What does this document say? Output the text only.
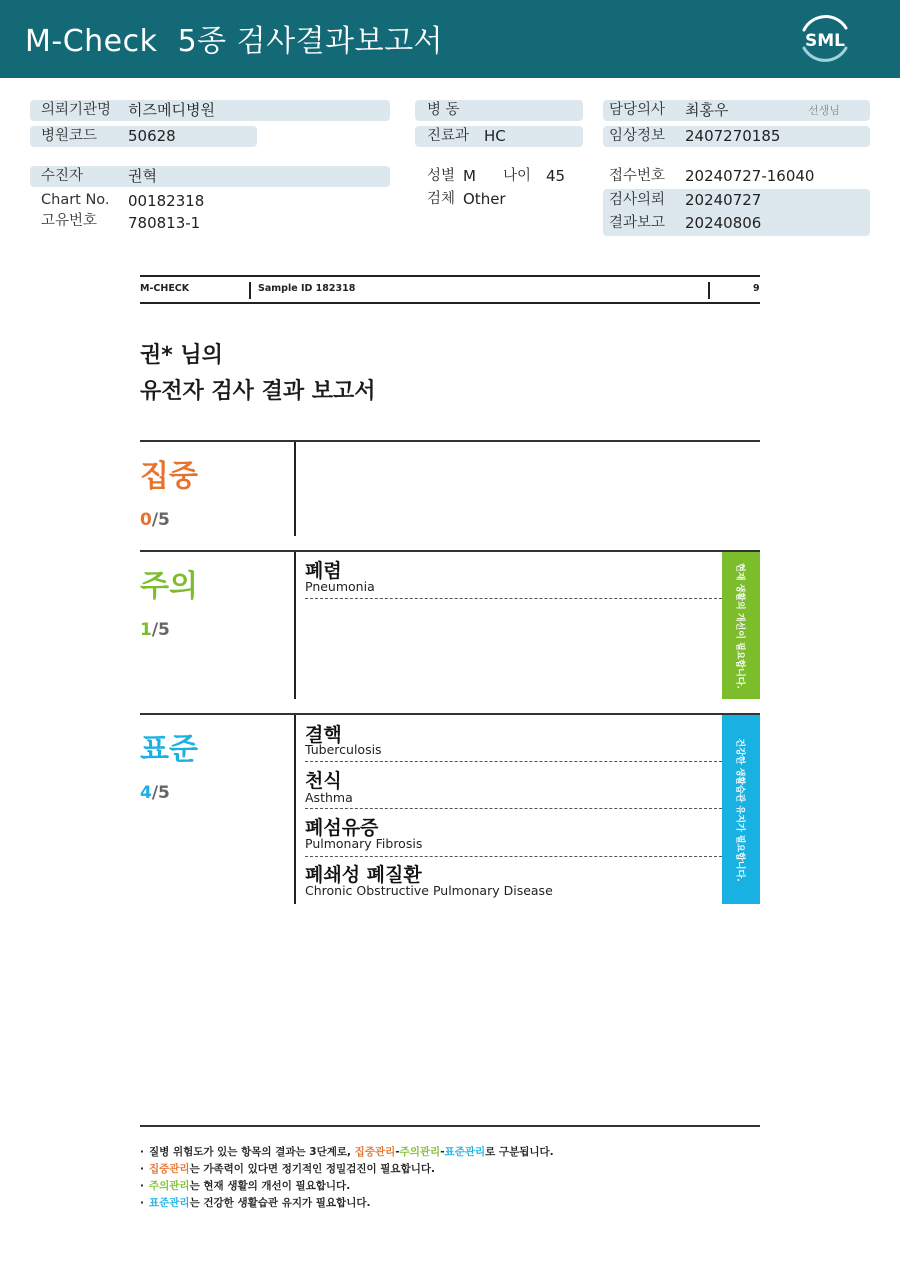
M-Check  5종 검사결과보고서	SML
의뢰기관명 히즈메디병원
병원코드 50628
수진자	권혁
Chart No. 00182318
고유번호 780813-1
병 동
진료과 HC
성별 M 나이 45
검체 Other
담당의사 최홍우	선생님
임상정보 2407270185
접수번호 20240727-16040
검사의뢰 20240727
결과보고 20240806
M-CHECK	Sample ID 182318	9
권* 님의
유전자 검사 결과 보고서
집중
0/5
주의
1/5
폐렴
Pneumonia	현재 생활의 개선이 필요합니다.
표준
4/5
결핵
Tuberculosis
천식
Asthma
폐섬유증
Pulmonary Fibrosis
폐쇄성 폐질환
Chronic Obstructive Pulmonary Disease
건강한 생활습관 유지가 필요합니다.
· 질병 위험도가 있는 항목의 결과는 3단계로, 집중관리-주의관리-표준관리로 구분됩니다.
· 집중관리는 가족력이 있다면 정기적인 정밀검진이 필요합니다.
· 주의관리는 현재 생활의 개선이 필요합니다.
· 표준관리는 건강한 생활습관 유지가 필요합니다.
